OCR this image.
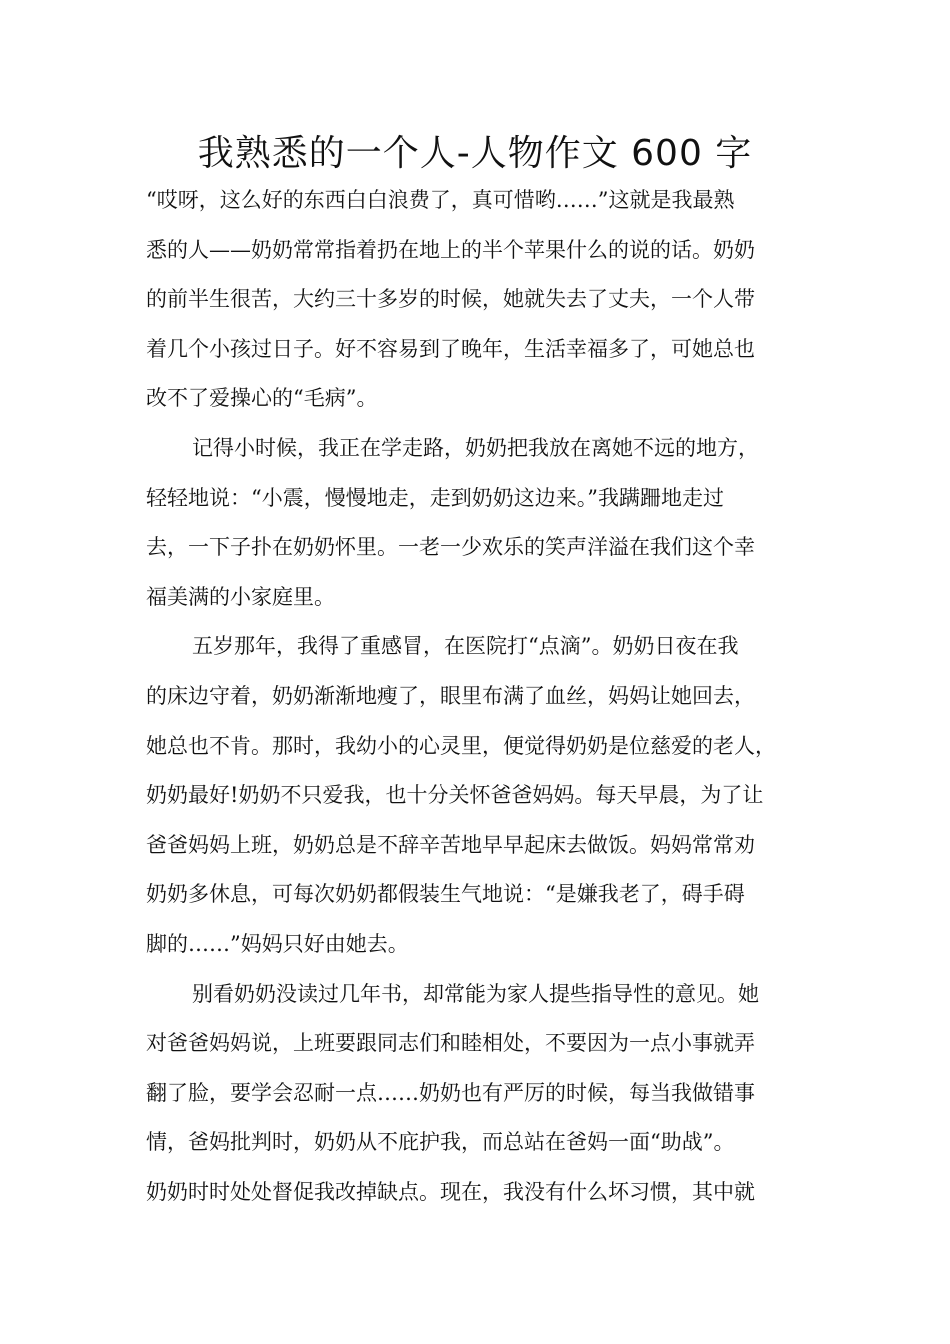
我熟悉的一个人-人物作文 600 字
“哎呀，这么好的东西白白浪费了，真可惜哟……”这就是我最熟
悉的人——奶奶常常指着扔在地上的半个苹果什么的说的话。奶奶
的前半生很苦，大约三十多岁的时候，她就失去了丈夫，一个人带
着几个小孩过日子。好不容易到了晚年，生活幸福多了，可她总也
改不了爱操心的“毛病”。
记得小时候，我正在学走路，奶奶把我放在离她不远的地方，
轻轻地说：“小震，慢慢地走，走到奶奶这边来。”我蹒跚地走过
去，一下子扑在奶奶怀里。一老一少欢乐的笑声洋溢在我们这个幸
福美满的小家庭里。
五岁那年，我得了重感冒，在医院打“点滴”。奶奶日夜在我
的床边守着，奶奶渐渐地瘦了，眼里布满了血丝，妈妈让她回去，
她总也不肯。那时，我幼小的心灵里，便觉得奶奶是位慈爱的老人，
奶奶最好!奶奶不只爱我，也十分关怀爸爸妈妈。每天早晨，为了让
爸爸妈妈上班，奶奶总是不辞辛苦地早早起床去做饭。妈妈常常劝
奶奶多休息，可每次奶奶都假装生气地说：“是嫌我老了，碍手碍
脚的……”妈妈只好由她去。
别看奶奶没读过几年书，却常能为家人提些指导性的意见。她
对爸爸妈妈说，上班要跟同志们和睦相处，不要因为一点小事就弄
翻了脸，要学会忍耐一点……奶奶也有严厉的时候，每当我做错事
情，爸妈批判时，奶奶从不庇护我，而总站在爸妈一面“助战”。
奶奶时时处处督促我改掉缺点。现在，我没有什么坏习惯，其中就
